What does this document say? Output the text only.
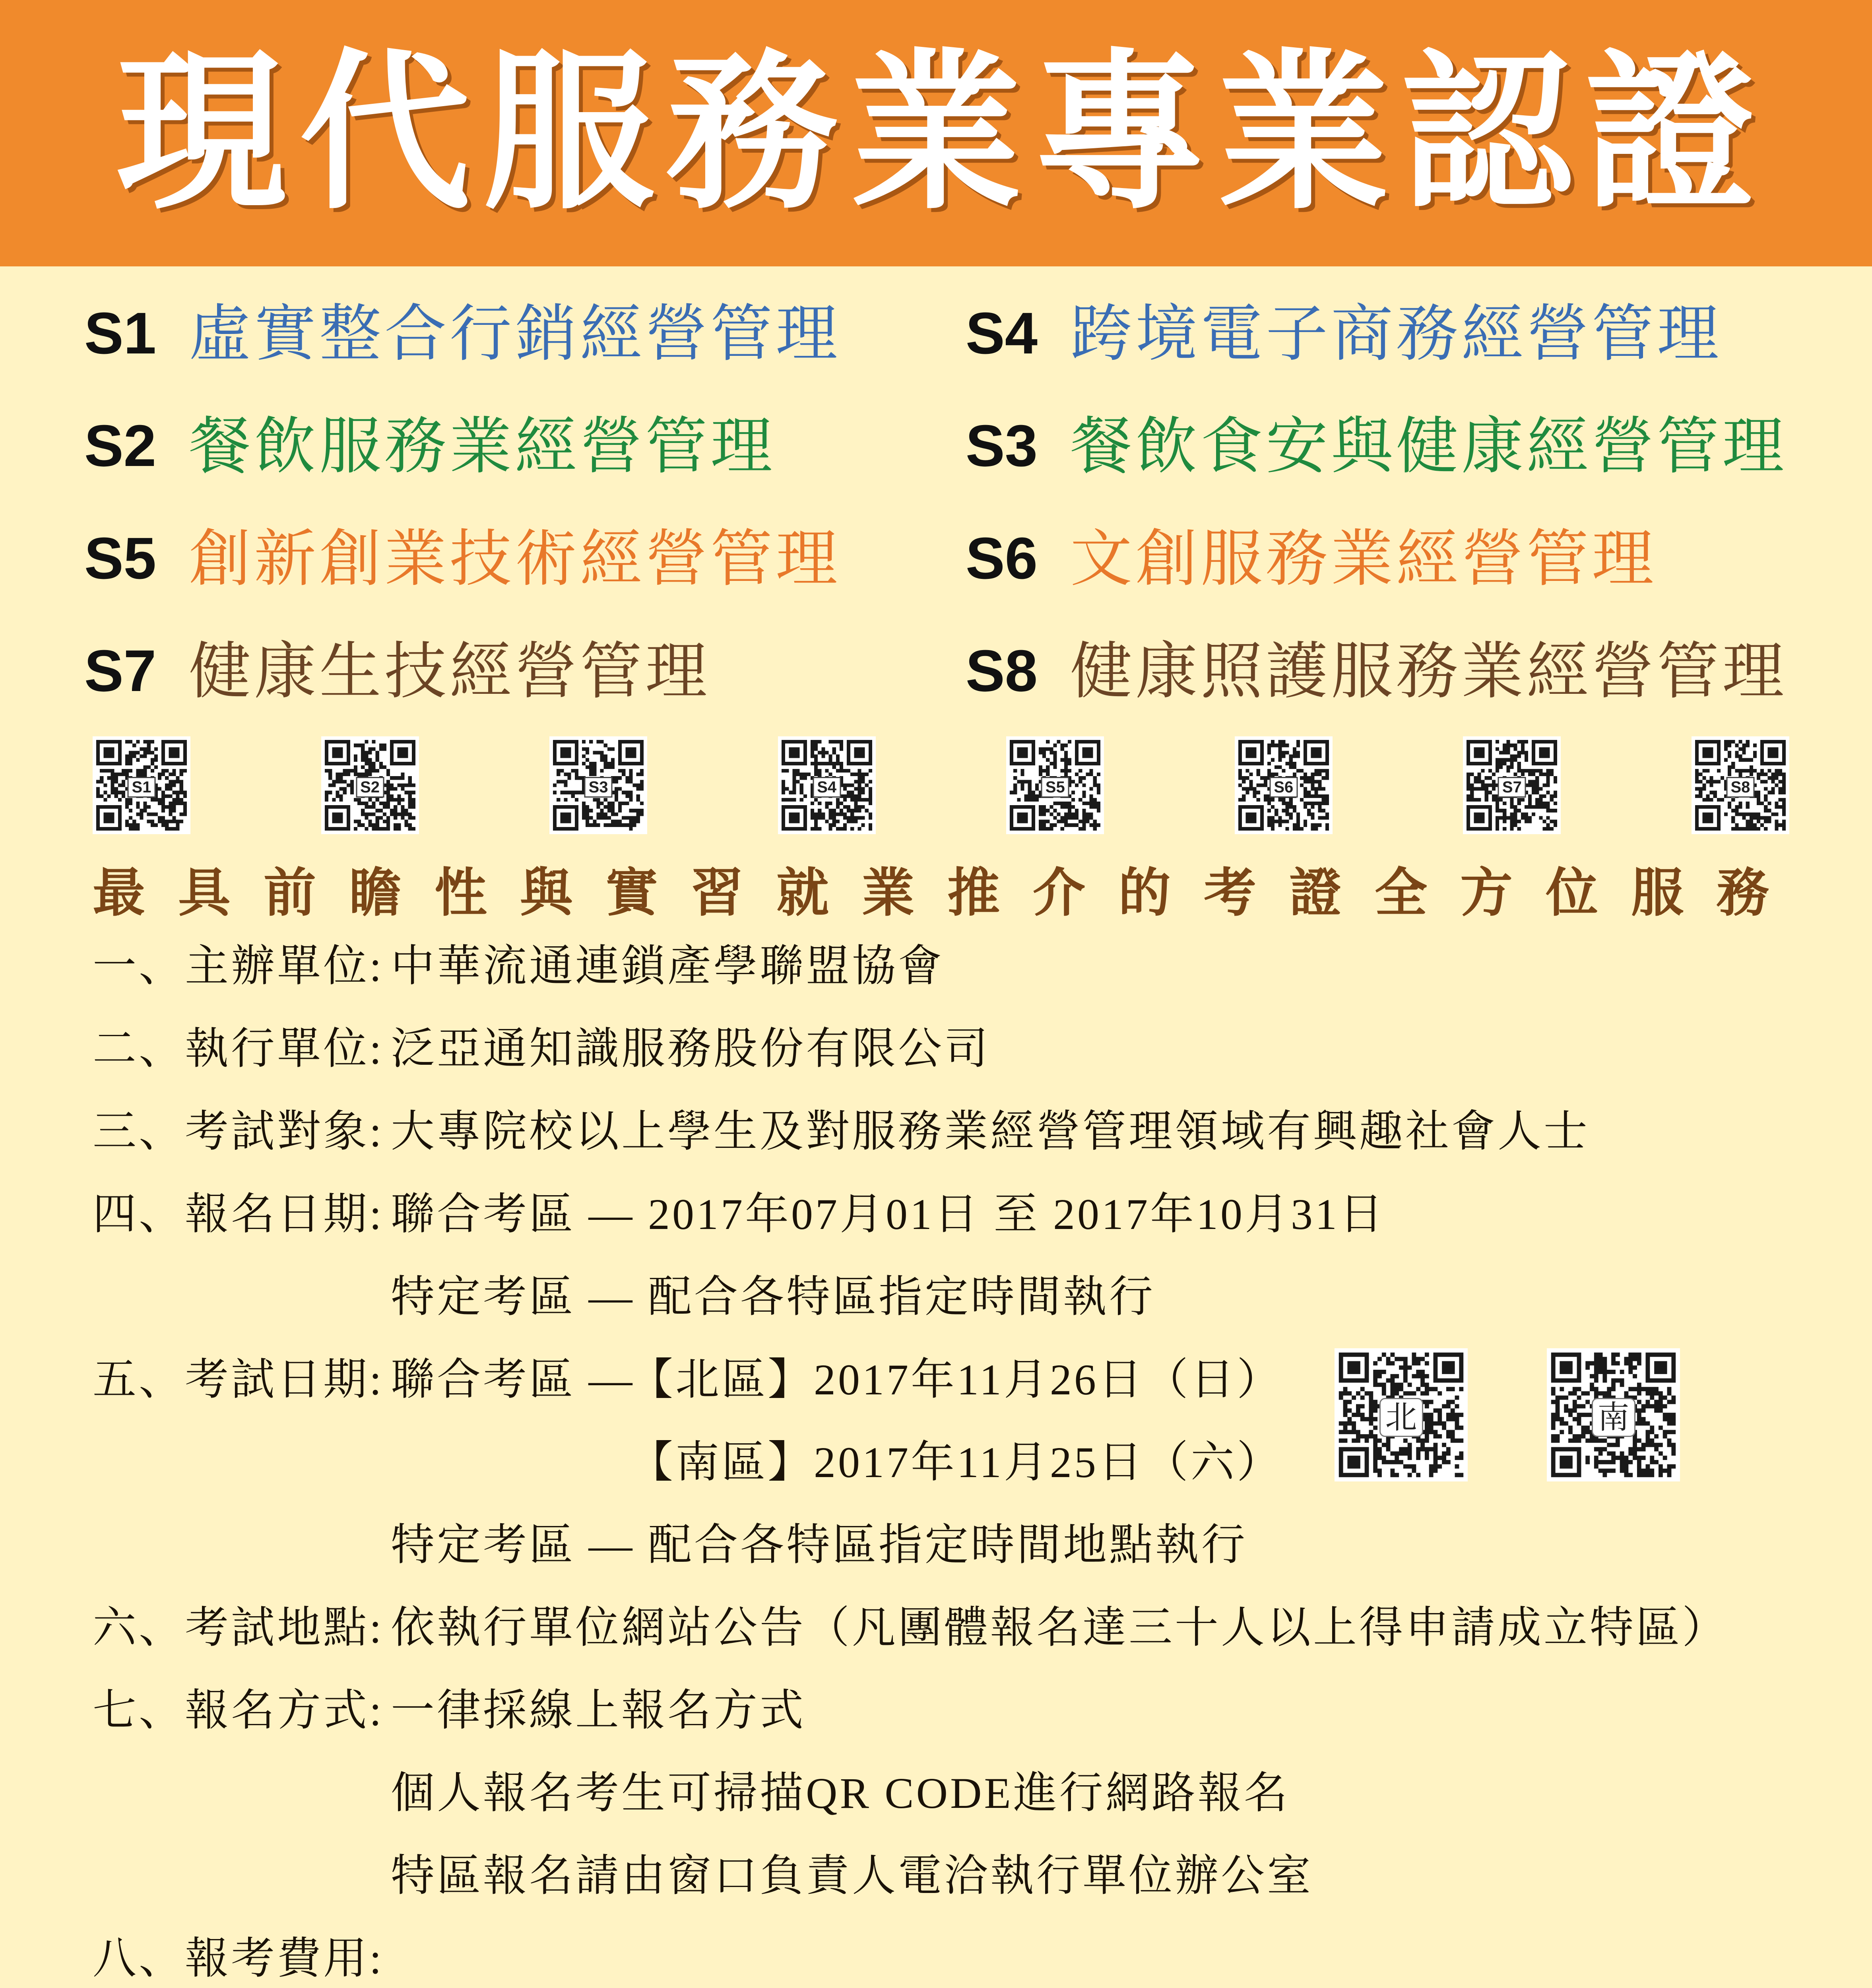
現代服務業專業認證
S1 虛實整合行銷經營管理	S4 跨境電子商務經營管理
S2 餐飲服務業經營管理	S3 餐飲食安與健康經營管理
S5 創新創業技術經營管理	S6 文創服務業經營管理
S7 健康生技經營管理	S8 健康照護服務業經營管理
S1	S2	S3	S4	S5	S6	S7	S8
最具前瞻性與實習就業推介的考證全方位服務
一、主辦單位: 中華流通連鎖產學聯盟協會
二、執行單位: 泛亞通知識服務股份有限公司
三、考試對象: 大專院校以上學生及對服務業經營管理領域有興趣社會人士
四、報名日期: 聯合考區 — 2017年07月01日 至 2017年10月31日
特定考區 — 配合各特區指定時間執行
五、考試日期: 聯合考區 —【北區】2017年11月26日（日）
【南區】2017年11月25日（六）
特定考區 — 配合各特區指定時間地點執行
六、考試地點: 依執行單位網站公告（凡團體報名達三十人以上得申請成立特區）
七、報名方式: 一律採線上報名方式
個人報名考生可掃描QR CODE進行網路報名
特區報名請由窗口負責人電洽執行單位辦公室
八、報考費用:
北	南
